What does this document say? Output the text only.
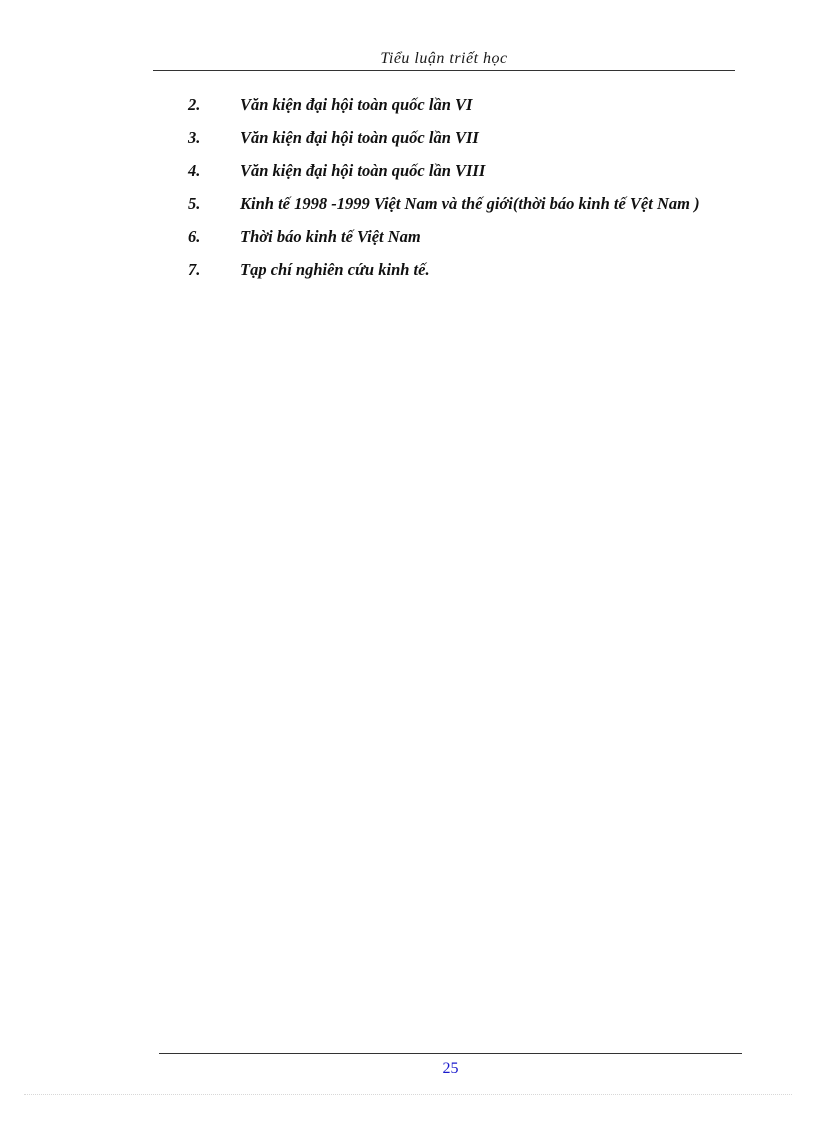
Tiểu luận triết học
2.	Văn kiện đại hội toàn quốc lần VI
3.	Văn kiện đại hội toàn quốc lần VII
4.	Văn kiện đại hội toàn quốc lần VIII
5.	Kinh tế 1998 -1999 Việt Nam và thế giới(thời báo kinh tế Vệt Nam )
6.	Thời báo kinh tế Việt Nam
7.	Tạp chí nghiên cứu kinh tế.
25
